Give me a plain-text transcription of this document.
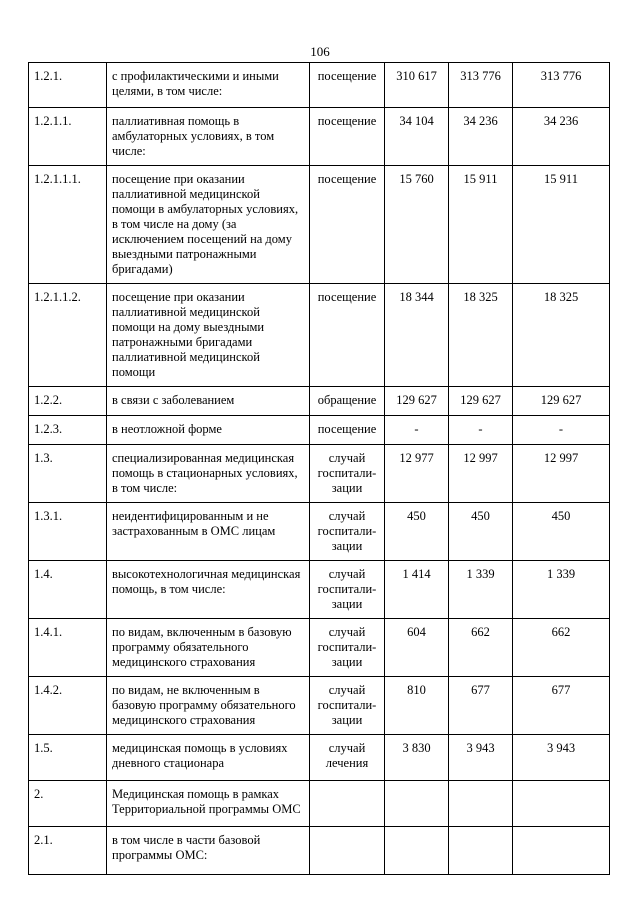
106
1.2.1.	с профилактическими и иными целями, в том числе:	посещение	310 617	313 776	313 776
1.2.1.1.	паллиативная помощь в амбулаторных условиях, в том числе:	посещение	34 104	34 236	34 236
1.2.1.1.1.	посещение при оказании паллиативной медицинской помощи в амбулаторных условиях, в том числе на дому (за исключением посещений на дому выездными патронажными бригадами)	посещение	15 760	15 911	15 911
1.2.1.1.2.	посещение при оказании паллиативной медицинской помощи на дому выездными патронажными бригадами паллиативной медицинской помощи	посещение	18 344	18 325	18 325
1.2.2.	в связи с заболеванием	обращение	129 627	129 627	129 627
1.2.3.	в неотложной форме	посещение	-	-	-
1.3.	специализированная медицинская помощь в стационарных условиях, в том числе:	случай госпитали-зации	12 977	12 997	12 997
1.3.1.	неидентифицированным и не застрахованным в ОМС лицам	случай госпитали-зации	450	450	450
1.4.	высокотехнологичная медицинская помощь, в том числе:	случай госпитали-зации	1 414	1 339	1 339
1.4.1.	по видам, включенным в базовую программу обязательного медицинского страхования	случай госпитали-зации	604	662	662
1.4.2.	по видам, не включенным в базовую программу обязательного медицинского страхования	случай госпитали-зации	810	677	677
1.5.	медицинская помощь в условиях дневного стационара	случай лечения	3 830	3 943	3 943
2.	Медицинская помощь в рамках Территориальной программы ОМС				
2.1.	в том числе в части базовой программы ОМС:				
